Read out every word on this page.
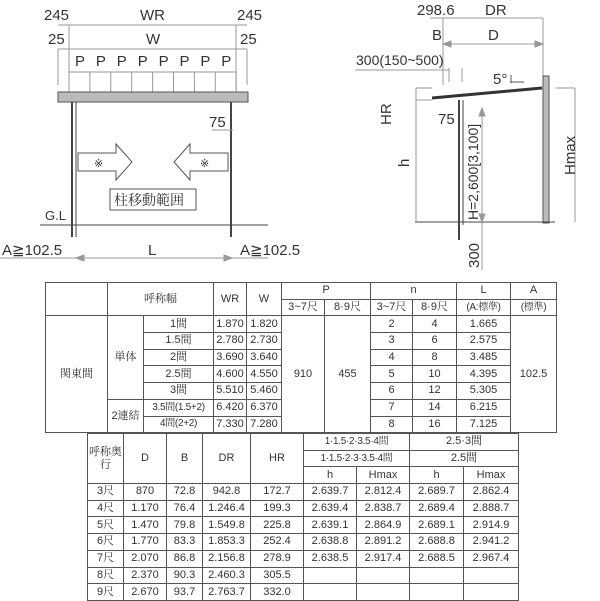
245	WR	245
25	W	25
P P P P P P P P
75
※	※
柱移動範囲
G.L
A≧102.5	L	A≧102.5
298.6 DR
B	D
300(150~500)
5°
HR	75
h	H=2,600[3,100]	Hmax
300
	呼称幅		WR	W	P		n		L	A
					3~7尺	8·9尺	3~7尺	8·9尺	(A:標準)	(標準)
関東間	単体	1間	1.870	1.820	910	455	2	4	1.665	102.5
		1.5間	2.780	2.730			3	6	2.575	
		2間	3.690	3.640			4	8	3.485	
		2.5間	4.600	4.550			5	10	4.395	
		3間	5.510	5.460			6	12	5.305	
	2連結	3.5間(1.5+2)	6.420	6.370			7	14	6.215	
		4間(2+2)	7.330	7.280			8	16	7.125	
呼称奥行	D	B	DR	HR	1·1.5·2·3.5·4間		2.5·3間	
					1·1.5·2·3·3.5·4間		2.5間	
					h	Hmax	h	Hmax
3尺	870	72.8	942.8	172.7	2.639.7	2.812.4	2.689.7	2.862.4
4尺	1.170	76.4	1.246.4	199.3	2.639.4	2.838.7	2.689.4	2.888.7
5尺	1.470	79.8	1.549.8	225.8	2.639.1	2.864.9	2.689.1	2.914.9
6尺	1.770	83.3	1.853.3	252.4	2.638.8	2.891.2	2.688.8	2.941.2
7尺	2.070	86.8	2.156.8	278.9	2.638.5	2.917.4	2.688.5	2.967.4
8尺	2.370	90.3	2.460.3	305.5				
9尺	2.670	93.7	2.763.7	332.0				
